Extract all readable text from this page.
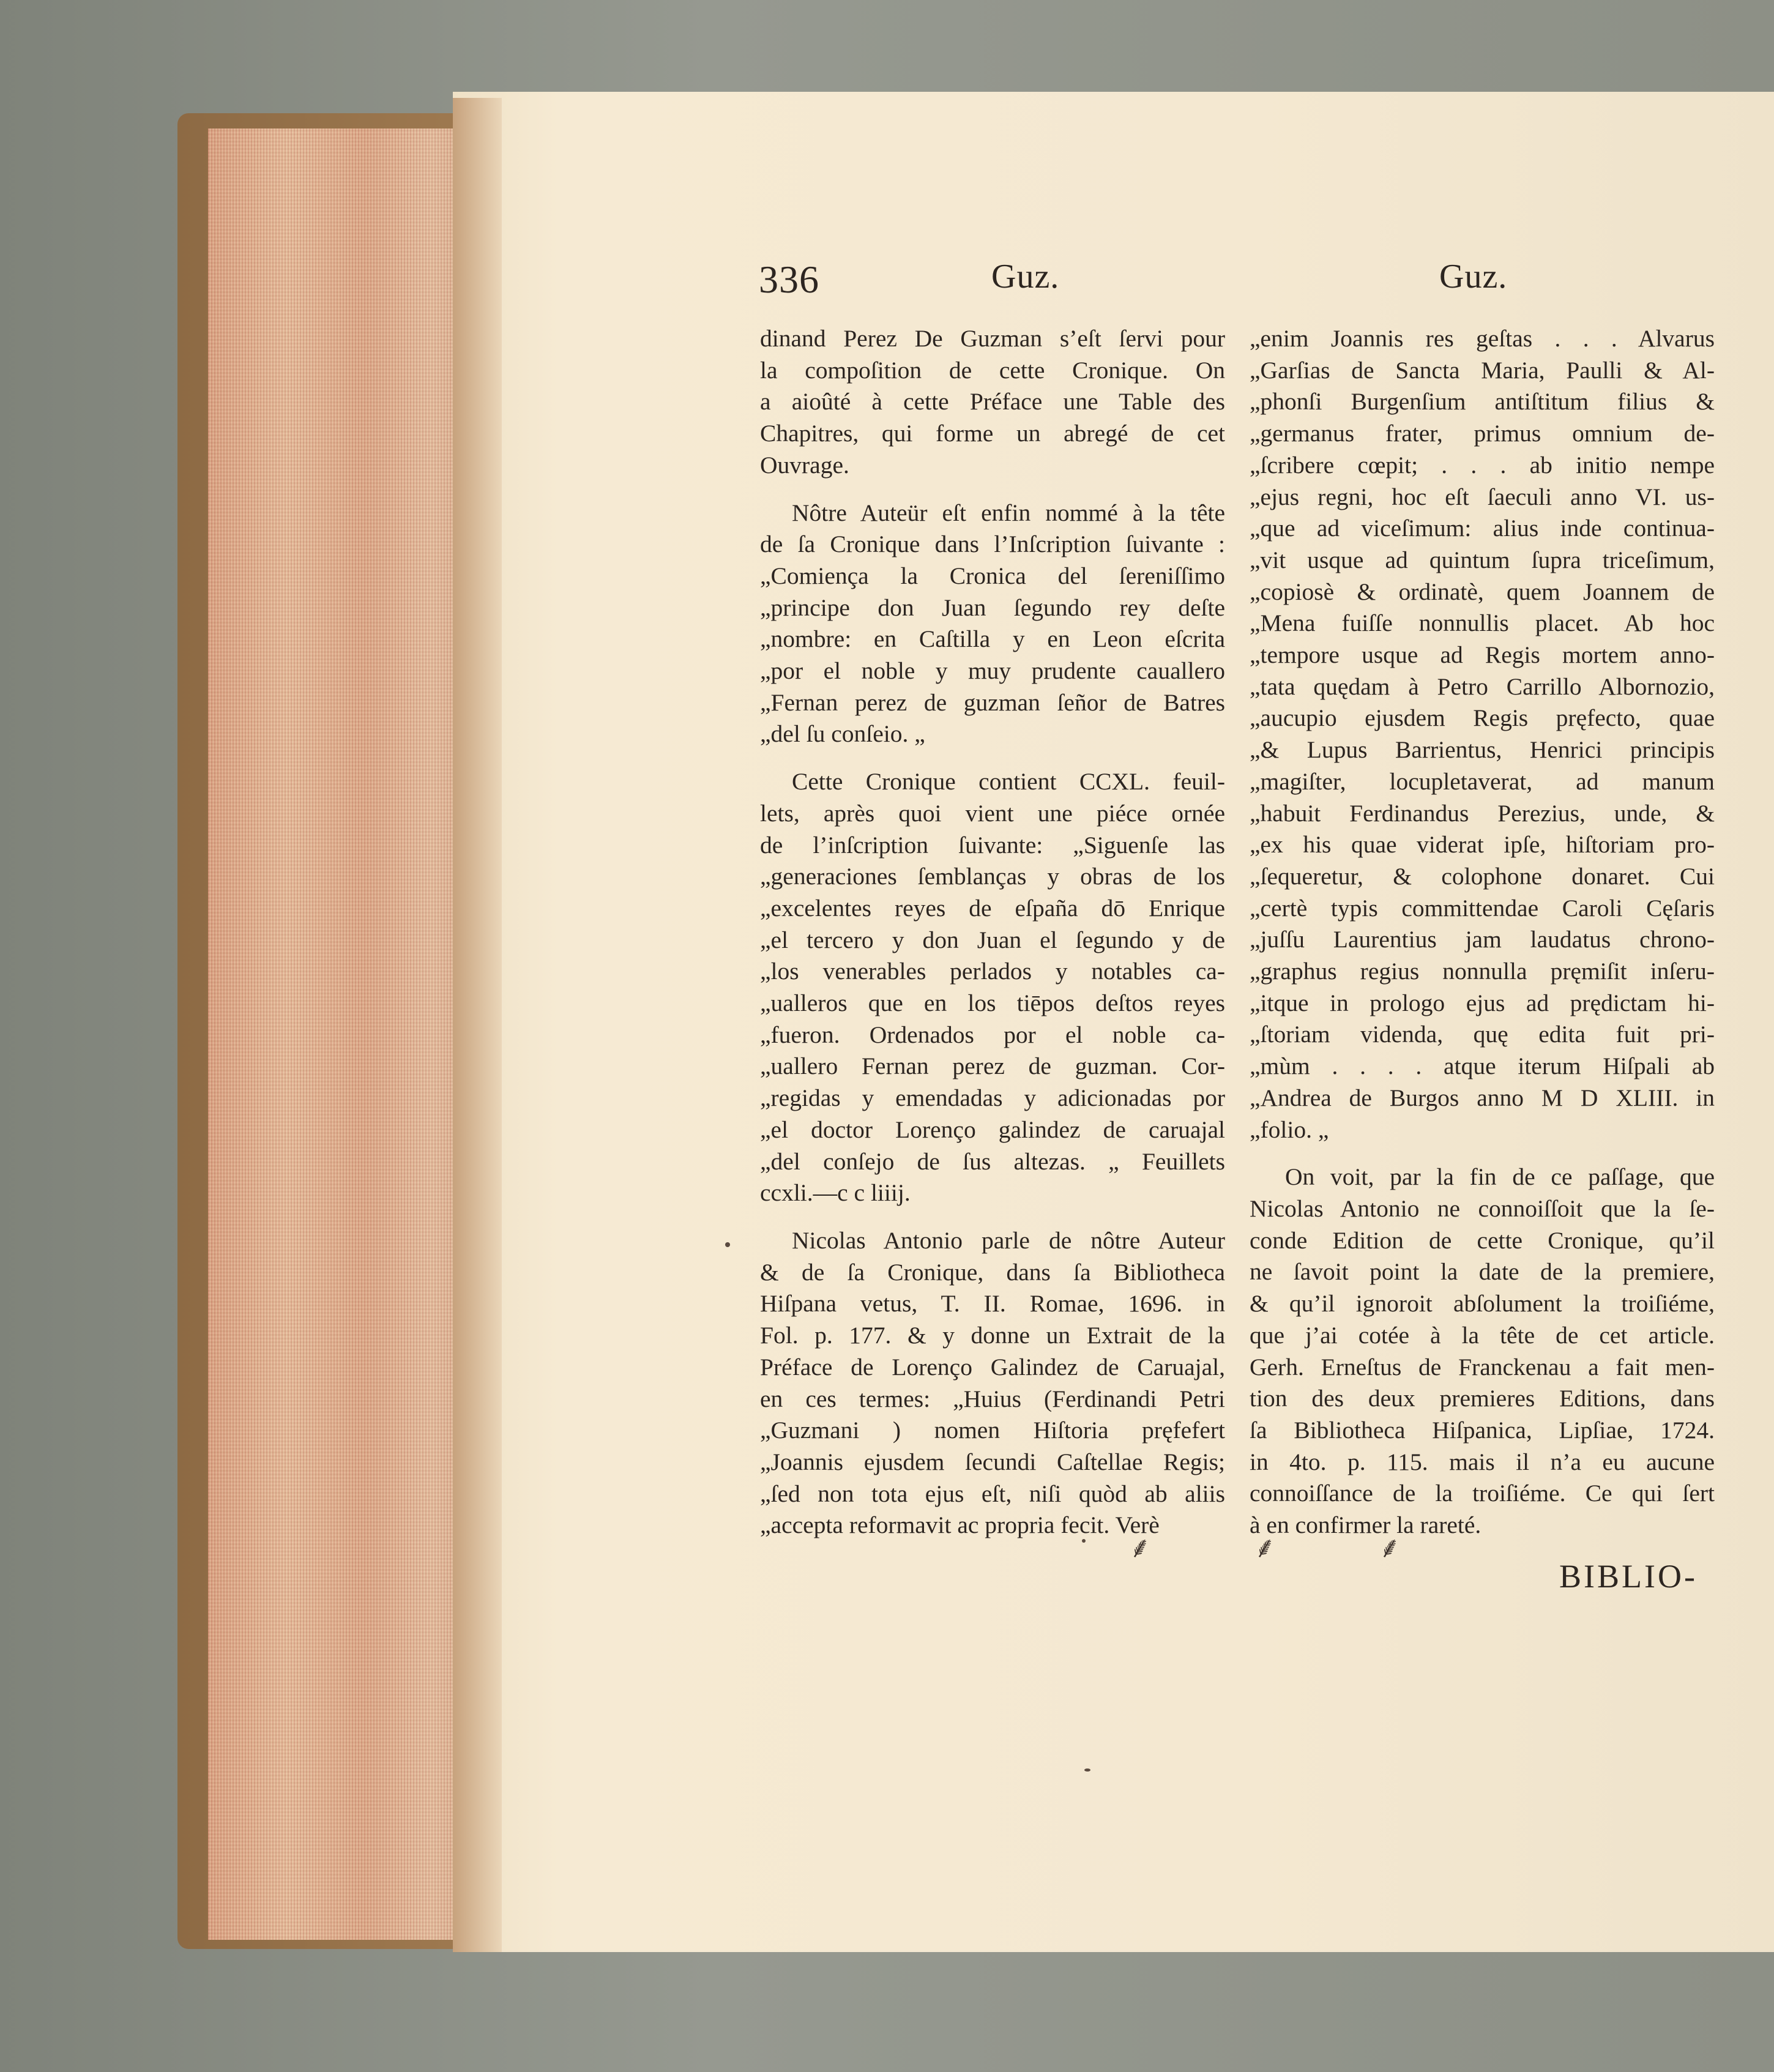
336	Guz.	Guz.

dinand Perez De Guzman s’eſt ſervi pour

la compoſition de cette Cronique. On

a aioûté à cette Préface une Table des

Chapitres, qui forme un abregé de cet

Ouvrage.

Nôtre Auteür eſt enfin nommé à la tête

de ſa Cronique dans l’Inſcription ſuivante :

„Comiença la Cronica del ſereniſſimo

„principe don Juan ſegundo rey deſte

„nombre: en Caſtilla y en Leon eſcrita

„por el noble y muy prudente cauallero

„Fernan perez de guzman ſeñor de Batres

„del ſu conſeio. „

Cette Cronique contient CCXL. feuil-

lets, après quoi vient une piéce ornée

de l’inſcription ſuivante: „Siguenſe las

„generaciones ſemblanças y obras de los

„excelentes reyes de eſpaña dō Enrique

„el tercero y don Juan el ſegundo y de

„los venerables perlados y notables ca-

„ualleros que en los tiēpos deſtos reyes

„fueron. Ordenados por el noble ca-

„uallero Fernan perez de guzman. Cor-

„regidas y emendadas y adicionadas por

„el doctor Lorenço galindez de caruajal

„del conſejo de ſus altezas. „ Feuillets

ccxli.—c c liiij.

Nicolas Antonio parle de nôtre Auteur

& de ſa Cronique, dans ſa Bibliotheca

Hiſpana vetus, T. II. Romae, 1696. in

Fol. p. 177. & y donne un Extrait de la

Préface de Lorenço Galindez de Caruajal,

en ces termes: „Huius (Ferdinandi Petri

„Guzmani ) nomen Hiſtoria pręfefert

„Joannis ejusdem ſecundi Caſtellae Regis;

„ſed non tota ejus eſt, niſi quòd ab aliis

„accepta reformavit ac propria fecit. Verè

„enim Joannis res geſtas . . . Alvarus

„Garſias de Sancta Maria, Paulli & Al-

„phonſi Burgenſium antiſtitum filius &

„germanus frater, primus omnium de-

„ſcribere cœpit; . . . ab initio nempe

„ejus regni, hoc eſt ſaeculi anno VI. us-

„que ad viceſimum: alius inde continua-

„vit usque ad quintum ſupra triceſimum,

„copiosè & ordinatè, quem Joannem de

„Mena fuiſſe nonnullis placet. Ab hoc

„tempore usque ad Regis mortem anno-

„tata quędam à Petro Carrillo Albornozio,

„aucupio ejusdem Regis pręfecto, quae

„& Lupus Barrientus, Henrici principis

„magiſter, locupletaverat, ad manum

„habuit Ferdinandus Perezius, unde, &

„ex his quae viderat ipſe, hiſtoriam pro-

„ſequeretur, & colophone donaret. Cui

„certè typis committendae Caroli Cęſaris

„juſſu Laurentius jam laudatus chrono-

„graphus regius nonnulla pręmiſit inſeru-

„itque in prologo ejus ad prędictam hi-

„ſtoriam videnda, quę edita fuit pri-

„mùm . . . . atque iterum Hiſpali ab

„Andrea de Burgos anno M D XLIII. in

„folio. „

On voit, par la fin de ce paſſage, que

Nicolas Antonio ne connoiſſoit que la ſe-

conde Edition de cette Cronique, qu’il

ne ſavoit point la date de la premiere,

& qu’il ignoroit abſolument la troiſiéme,

que j’ai cotée à la tête de cet article.

Gerh. Erneſtus de Franckenau a fait men-

tion des deux premieres Editions, dans

ſa Bibliotheca Hiſpanica, Lipſiae, 1724.

in 4to. p. 115. mais il n’a eu aucune

connoiſſance de la troiſiéme. Ce qui ſert

à en confirmer la rareté.

⸙ ⸙ ⸙
BIBLIO-
